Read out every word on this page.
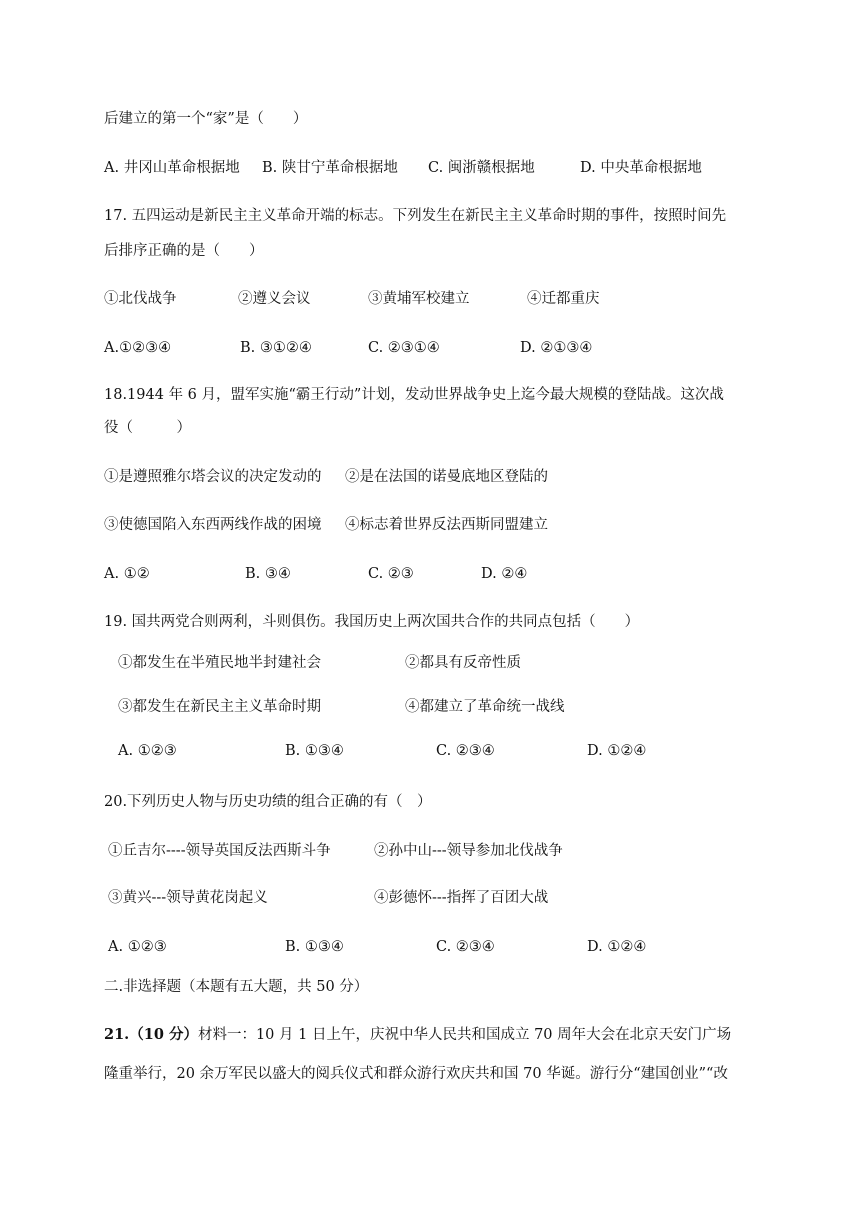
后建立的第一个“家”是（　　）
A. 井冈山革命根据地 B. 陕甘宁革命根据地 C. 闽浙赣根据地	D. 中央革命根据地
17. 五四运动是新民主主义革命开端的标志。下列发生在新民主主义革命时期的事件，按照时间先
后排序正确的是（　　）
①北伐战争	②遵义会议	③黄埔军校建立	④迁都重庆
A.①②③④	B. ③①②④	C. ②③①④	D. ②①③④
18.1944 年 6 月，盟军实施“霸王行动”计划，发动世界战争史上迄今最大规模的登陆战。这次战
役（　　　）
①是遵照雅尔塔会议的决定发动的 ②是在法国的诺曼底地区登陆的
③使德国陷入东西两线作战的困境 ④标志着世界反法西斯同盟建立
A. ①②	B. ③④	C. ②③	D. ②④
19. 国共两党合则两利，斗则俱伤。我国历史上两次国共合作的共同点包括（　　）
①都发生在半殖民地半封建社会	②都具有反帝性质
③都发生在新民主主义革命时期	④都建立了革命统一战线
A. ①②③	B. ①③④	C. ②③④	D. ①②④
20.下列历史人物与历史功绩的组合正确的有（　）
①丘吉尔----领导英国反法西斯斗争	②孙中山---领导参加北伐战争
③黄兴---领导黄花岗起义	④彭德怀---指挥了百团大战
A. ①②③	B. ①③④	C. ②③④	D. ①②④
二.非选择题（本题有五大题，共 50 分）
21.（10 分）材料一：10 月 1 日上午，庆祝中华人民共和国成立 70 周年大会在北京天安门广场
隆重举行，20 余万军民以盛大的阅兵仪式和群众游行欢庆共和国 70 华诞。游行分“建国创业”“改
